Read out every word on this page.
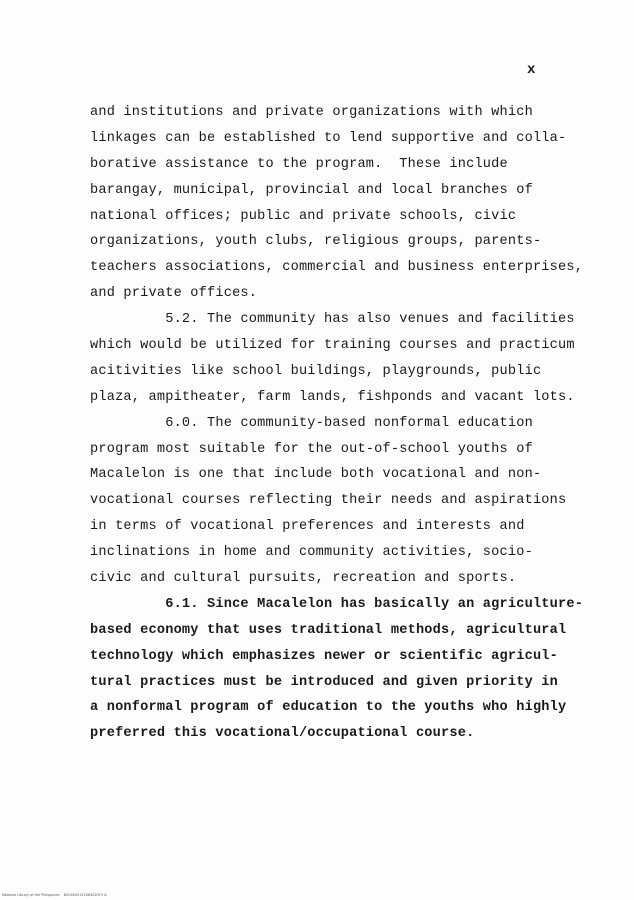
x
and institutions and private organizations with which
linkages can be established to lend supportive and colla-
borative assistance to the program.  These include
barangay, municipal, provincial and local branches of
national offices; public and private schools, civic
organizations, youth clubs, religious groups, parents-
teachers associations, commercial and business enterprises,
and private offices.
5.2. The community has also venues and facilities
which would be utilized for training courses and practicum
acitivities like school buildings, playgrounds, public
plaza, ampitheater, farm lands, fishponds and vacant lots.
6.0. The community-based nonformal education
program most suitable for the out-of-school youths of
Macalelon is one that include both vocational and non-
vocational courses reflecting their needs and aspirations
in terms of vocational preferences and interests and
inclinations in home and community activities, socio-
civic and cultural pursuits, recreation and sports.
6.1. Since Macalelon has basically an agriculture-
based economy that uses traditional methods, agricultural
technology which emphasizes newer or scientific agricul-
tural practices must be introduced and given priority in
a nonformal program of education to the youths who highly
preferred this vocational/occupational course.
National Library of the Philippines    BSU0005115063020Y3 iii
